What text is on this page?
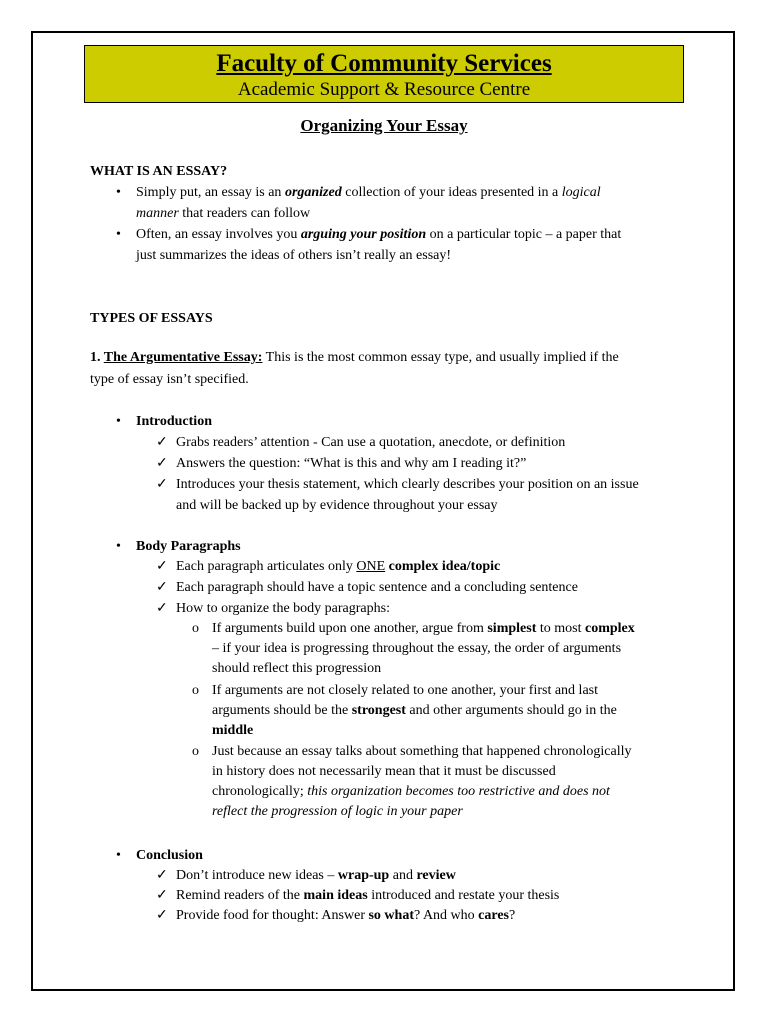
Faculty of Community Services
Academic Support & Resource Centre
Organizing Your Essay
WHAT IS AN ESSAY?
• Simply put, an essay is an organized collection of your ideas presented in a logical
manner that readers can follow
• Often, an essay involves you arguing your position on a particular topic – a paper that
just summarizes the ideas of others isn’t really an essay!
TYPES OF ESSAYS
1. The Argumentative Essay: This is the most common essay type, and usually implied if the
type of essay isn’t specified.
• Introduction
✓ Grabs readers’ attention - Can use a quotation, anecdote, or definition
✓ Answers the question: “What is this and why am I reading it?”
✓ Introduces your thesis statement, which clearly describes your position on an issue
and will be backed up by evidence throughout your essay
• Body Paragraphs
✓ Each paragraph articulates only ONE complex idea/topic
✓ Each paragraph should have a topic sentence and a concluding sentence
✓ How to organize the body paragraphs:
o If arguments build upon one another, argue from simplest to most complex
– if your idea is progressing throughout the essay, the order of arguments
should reflect this progression
o If arguments are not closely related to one another, your first and last
arguments should be the strongest and other arguments should go in the
middle
o Just because an essay talks about something that happened chronologically
in history does not necessarily mean that it must be discussed
chronologically; this organization becomes too restrictive and does not
reflect the progression of logic in your paper
• Conclusion
✓ Don’t introduce new ideas – wrap-up and review
✓ Remind readers of the main ideas introduced and restate your thesis
✓ Provide food for thought: Answer so what? And who cares?
